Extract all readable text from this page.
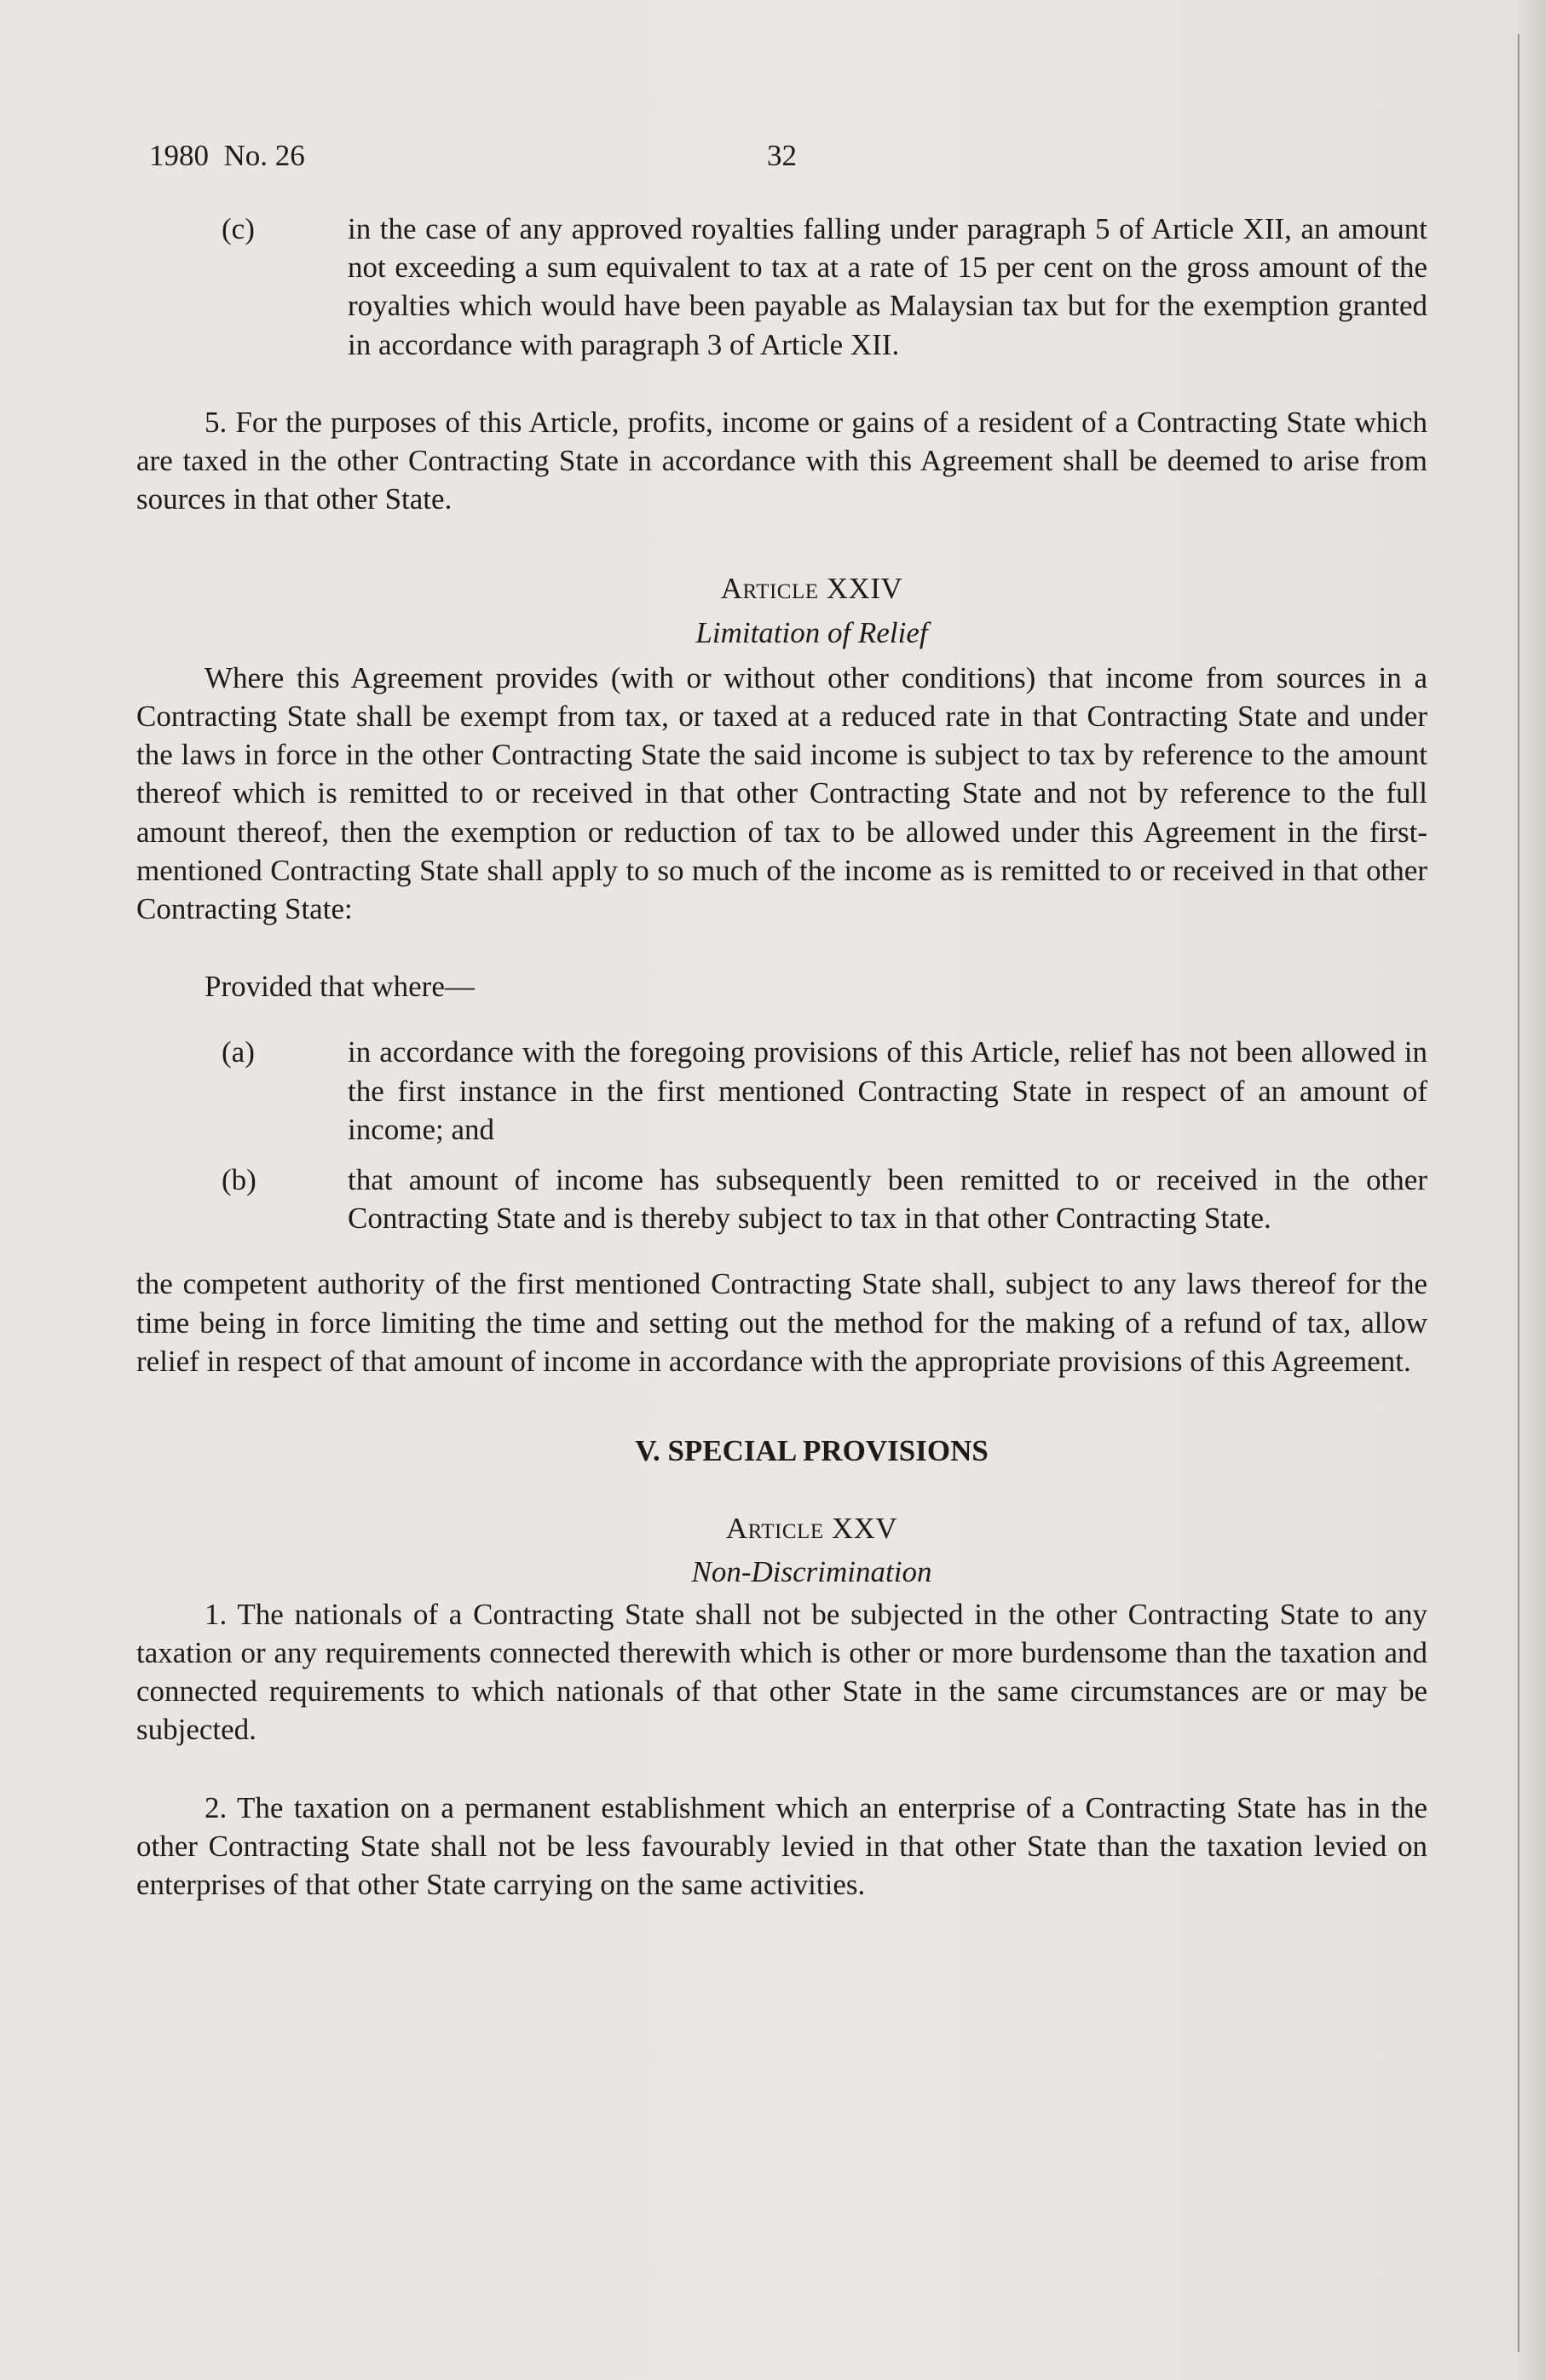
1980  No. 26	32
(c)	in the case of any approved royalties falling under paragraph 5 of Article XII, an amount not exceeding a sum equivalent to tax at a rate of 15 per cent on the gross amount of the royalties which would have been payable as Malaysian tax but for the exemption granted in accordance with paragraph 3 of Article XII.

5. For the purposes of this Article, profits, income or gains of a resident of a Contracting State which are taxed in the other Contracting State in accordance with this Agreement shall be deemed to arise from sources in that other State.

Article XXIV

Limitation of Relief

Where this Agreement provides (with or without other conditions) that income from sources in a Contracting State shall be exempt from tax, or taxed at a reduced rate in that Contracting State and under the laws in force in the other Contracting State the said income is subject to tax by reference to the amount thereof which is remitted to or received in that other Contracting State and not by reference to the full amount thereof, then the exemption or reduction of tax to be allowed under this Agreement in the first-mentioned Contracting State shall apply to so much of the income as is remitted to or received in that other Contracting State:

Provided that where—

(a)	in accordance with the foregoing provisions of this Article, relief has not been allowed in the first instance in the first mentioned Contracting State in respect of an amount of income; and

(b)	that amount of income has subsequently been remitted to or received in the other Contracting State and is thereby subject to tax in that other Contracting State.

the competent authority of the first mentioned Contracting State shall, subject to any laws thereof for the time being in force limiting the time and setting out the method for the making of a refund of tax, allow relief in respect of that amount of income in accordance with the appropriate provisions of this Agreement.

V. SPECIAL PROVISIONS

Article XXV

Non-Discrimination

1. The nationals of a Contracting State shall not be subjected in the other Contracting State to any taxation or any requirements connected therewith which is other or more burdensome than the taxation and connected requirements to which nationals of that other State in the same circumstances are or may be subjected.

2. The taxation on a permanent establishment which an enterprise of a Contracting State has in the other Contracting State shall not be less favourably levied in that other State than the taxation levied on enterprises of that other State carrying on the same activities.
